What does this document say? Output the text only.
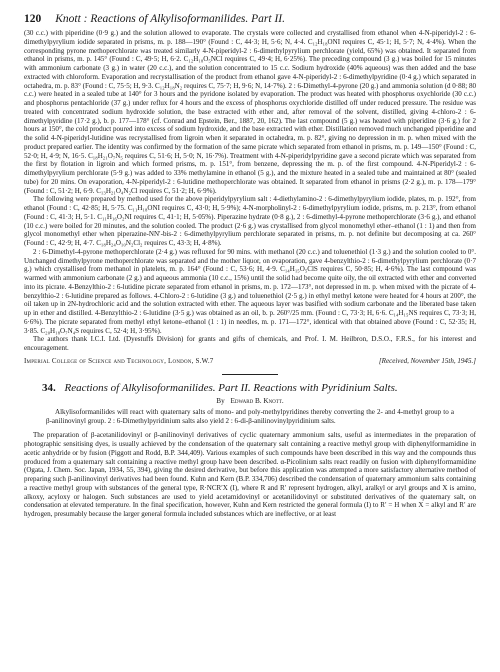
120 Knott : Reactions of Alkylisoformanilides. Part II.

(30 c.c.) with piperidine (0·9 g.) and the solution allowed to evaporate. The crystals were collected and crystallised from ethanol when 4-N-piperidyl-2 : 6-dimethylpyrylium iodide separated in prisms, m. p. 188—190° (Found : C, 44·3; H, 5·6; N, 4·4. C₁₂H₁₈ONI requires C, 45·1; H, 5·7; N, 4·4%). When the corresponding pyrone methoperchlorate was treated similarly 4-N-piperidyl-2 : 6-dimethylpyrylium perchlorate (yield, 65%) was obtained. It separated from ethanol in prisms, m. p. 145° (Found : C, 49·5; H, 6·2. C₁₂H₁₈O₅NCl requires C, 49·4; H, 6·25%). The preceding compound (3 g.) was boiled for 15 minutes with ammonium carbonate (3 g.) in water (20 c.c.), and the solution concentrated to 15 c.c. Sodium hydroxide (40% aqueous) was then added and the base extracted with chloroform. Evaporation and recrystallisation of the product from ethanol gave 4-N-piperidyl-2 : 6-dimethylpyridine (0·4 g.) which separated in octahedra, m. p. 83° (Found : C, 75·5; H, 9·3. C₁₂H₁₈N₂ requires C, 75·7; H, 9·6; N, 14·7%). 2 : 6-Dimethyl-4-pyrone (20 g.) and ammonia solution (d 0·88; 80 c.c.) were heated in a sealed tube at 140° for 3 hours and the pyridone isolated by evaporation. The product was heated with phosphorus oxychloride (30 c.c.) and phosphorus pentachloride (37 g.) under reflux for 4 hours and the excess of phosphorus oxychloride distilled off under reduced pressure. The residue was treated with concentrated sodium hydroxide solution, the base extracted with ether and, after removal of the solvent, distilled, giving 4-chloro-2 : 6-dimethylpyridine (17·2 g.), b. p. 177—178° (cf. Conrad and Epstein, Ber., 1887, 20, 162). The last compound (5 g.) was heated with piperidine (3·6 g.) for 2 hours at 150°, the cold product poured into excess of sodium hydroxide, and the base extracted with ether. Distillation removed much unchanged piperidine and the solid 4-N-piperidyl-lutidine was recrystallised from ligroin when it separated in octahedra, m. p. 82°, giving no depression in m. p. when mixed with the product prepared earlier. The identity was confirmed by the formation of the same picrate which separated from ethanol in prisms, m. p. 149—150° (Found : C, 52·0; H, 4·9; N, 16·5. C₁₈H₂₁O₇N₅ requires C, 51·6; H, 5·0; N, 16·7%). Treatment with 4-N-piperidylpyridine gave a second picrate which was separated from the first by flotation in ligroin and which formed prisms, m. p. 151°, from benzene, depressing the m. p. of the first compound. 4-N-Piperidyl-2 : 6-dimethylpyrylium perchlorate (5·9 g.) was added to 33% methylamine in ethanol (5 g.), and the mixture heated in a sealed tube and maintained at 80° (sealed tube) for 20 mins. On evaporation, 4-N-piperidyl-2 : 6-lutidine methoperchlorate was obtained. It separated from ethanol in prisms (2·2 g.), m. p. 178—179° (Found : C, 51·2; H, 6·9. C₁₃H₂₁O₄N₂Cl requires C, 51·2; H, 6·9%).

The following were prepared by method used for the above piperidylpyrylium salt : 4-diethylamino-2 : 6-dimethylpyrylium iodide, plates, m. p. 192°, from ethanol (Found : C, 42·85; H, 5·75. C₁₁H₁₈ONI requires C, 43·0; H, 5·9%); 4-N-morpholinyl-2 : 6-dimethylpyrylium iodide, prisms, m. p. 213°, from ethanol (Found : C, 41·3; H, 5·1. C₁₁H₁₆O₂NI requires C, 41·1; H, 5·05%). Piperazine hydrate (0·8 g.), 2 : 6-dimethyl-4-pyrone methoperchlorate (3·6 g.), and ethanol (10 c.c.) were boiled for 20 minutes, and the solution cooled. The product (2·6 g.) was crystallised from glycol monomethyl ether–ethanol (1 : 1) and then from glycol monomethyl ether when piperazine-NN′-bis-2 : 6-dimethylpyrylium perchlorate separated in prisms, m. p. not definite but decomposing at ca. 260° (Found : C, 42·9; H, 4·7. C₁₈H₂₄O₁₀N₂Cl₂ requires C, 43·3; H, 4·8%).

2 : 6-Dimethyl-4-pyrone methoperchlorate (2·4 g.) was refluxed for 90 mins. with methanol (20 c.c.) and toluenethiol (1·3 g.) and the solution cooled to 0°. Unchanged dimethylpyrone methoperchlorate was separated and the mother liquor, on evaporation, gave 4-benzylthio-2 : 6-dimethylpyrylium perchlorate (0·7 g.) which crystallised from methanol in platelets, m. p. 164° (Found : C, 53·6; H, 4·9. C₁₄H₁₅O₅ClS requires C, 50·85; H, 4·6%). The last compound was warmed with ammonium carbonate (2 g.) and aqueous ammonia (10 c.c., 15%) until the solid had become quite oily, the oil extracted with ether and converted into its picrate. 4-Benzylthio-2 : 6-lutidine picrate separated from ethanol in prisms, m. p. 172—173°, not depressed in m. p. when mixed with the picrate of 4-benzylthio-2 : 6-lutidine prepared as follows. 4-Chloro-2 : 6-lutidine (3 g.) and toluenethiol (2·5 g.) in ethyl methyl ketone were heated for 4 hours at 200°, the oil taken up in 2N-hydrochloric acid and the solution extracted with ether. The aqueous layer was basified with sodium carbonate and the liberated base taken up in ether and distilled. 4-Benzylthio-2 : 6-lutidine (3·5 g.) was obtained as an oil, b. p. 260°/25 mm. (Found : C, 73·3; H, 6·6. C₁₄H₁₅NS requires C, 73·3; H, 6·6%). The picrate separated from methyl ethyl ketone–ethanol (1 : 1) in needles, m. p. 171—172°, identical with that obtained above (Found : C, 52·35; H, 3·85. C₂₀H₁₈O₇N₄S requires C, 52·4; H, 3·95%).

The authors thank I.C.I. Ltd. (Dyestuffs Division) for grants and gifts of chemicals, and Prof. I. M. Heilbron, D.S.O., F.R.S., for his interest and encouragement.

Imperial College of Science and Technology, London, S.W.7	[Received, November 15th, 1945.]
34. Reactions of Alkylisoformanilides. Part II. Reactions with Pyridinium Salts.
By Edward B. Knott.

Alkylisoformanilides will react with quaternary salts of mono- and poly-methylpyridines thereby converting the 2- and 4-methyl group to a β-anilinovinyl group. 2 : 6-Dimethylpyridinium salts also yield 2 : 6-di-β-anilinovinylpyridinium salts.

The preparation of β-acetanilidovinyl or β-anilinovinyl derivatives of cyclic quaternary ammonium salts, useful as intermediates in the preparation of photographic sensitising dyes, is usually achieved by the condensation of the quaternary salt containing a reactive methyl group with diphenylformamidine in acetic anhydride or by fusion (Piggott and Rodd, B.P. 344,409). Various examples of such compounds have been described in this way and the compounds thus produced from a quaternary salt containing a reactive methyl group have been described. α-Picolinium salts react readily on fusion with diphenylformamidine (Ogata, J. Chem. Soc. Japan, 1934, 55, 394), giving the desired derivative, but before this application was attempted a more satisfactory alternative method of preparing such β-anilinovinyl derivatives had been found. Kuhn and Kern (B.P. 334,706) described the condensation of quaternary ammonium salts containing a reactive methyl group with substances of the general type, R·NCR′X (I), where R and R′ represent hydrogen, alkyl, aralkyl or aryl groups and X is amino, alkoxy, acyloxy or halogen. Such substances are used to yield acetamidovinyl or acetanilidovinyl or substituted derivatives of the quaternary salt, on condensation at elevated temperature. In the final specification, however, Kuhn and Kern restricted the general formula (I) to R′ = H when X = alkyl and R′ are hydrogen, presumably because the larger general formula included substances which are ineffective, or at least
